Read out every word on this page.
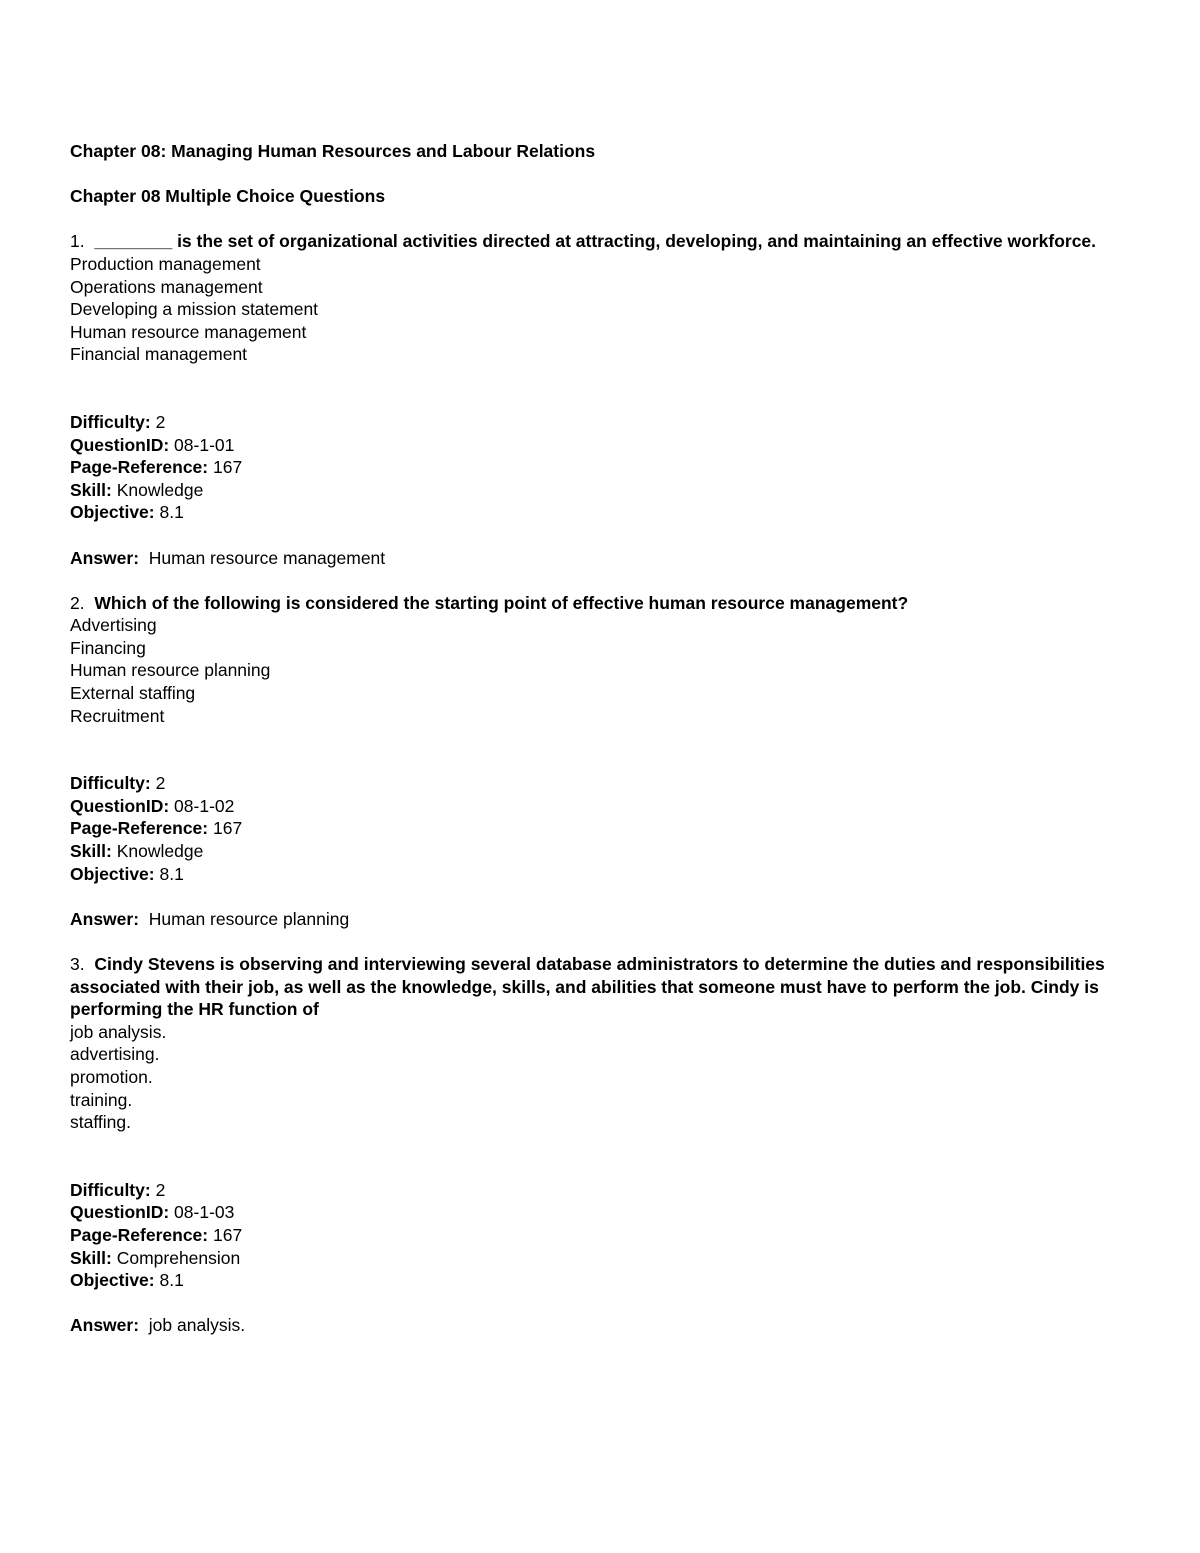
Chapter 08: Managing Human Resources and Labour Relations

Chapter 08 Multiple Choice Questions

1. ________ is the set of organizational activities directed at attracting, developing, and maintaining an effective workforce.

Production management
Operations management
Developing a mission statement
Human resource management
Financial management

Difficulty: 2

QuestionID: 08-1-01

Page-Reference: 167

Skill: Knowledge

Objective: 8.1

Answer: Human resource management

2. Which of the following is considered the starting point of effective human resource management?

Advertising
Financing
Human resource planning
External staffing
Recruitment

Difficulty: 2

QuestionID: 08-1-02

Page-Reference: 167

Skill: Knowledge

Objective: 8.1

Answer: Human resource planning

3. Cindy Stevens is observing and interviewing several database administrators to determine the duties and responsibilities associated with their job, as well as the knowledge, skills, and abilities that someone must have to perform the job. Cindy is performing the HR function of

job analysis.
advertising.
promotion.
training.
staffing.

Difficulty: 2

QuestionID: 08-1-03

Page-Reference: 167

Skill: Comprehension

Objective: 8.1

Answer: job analysis.
